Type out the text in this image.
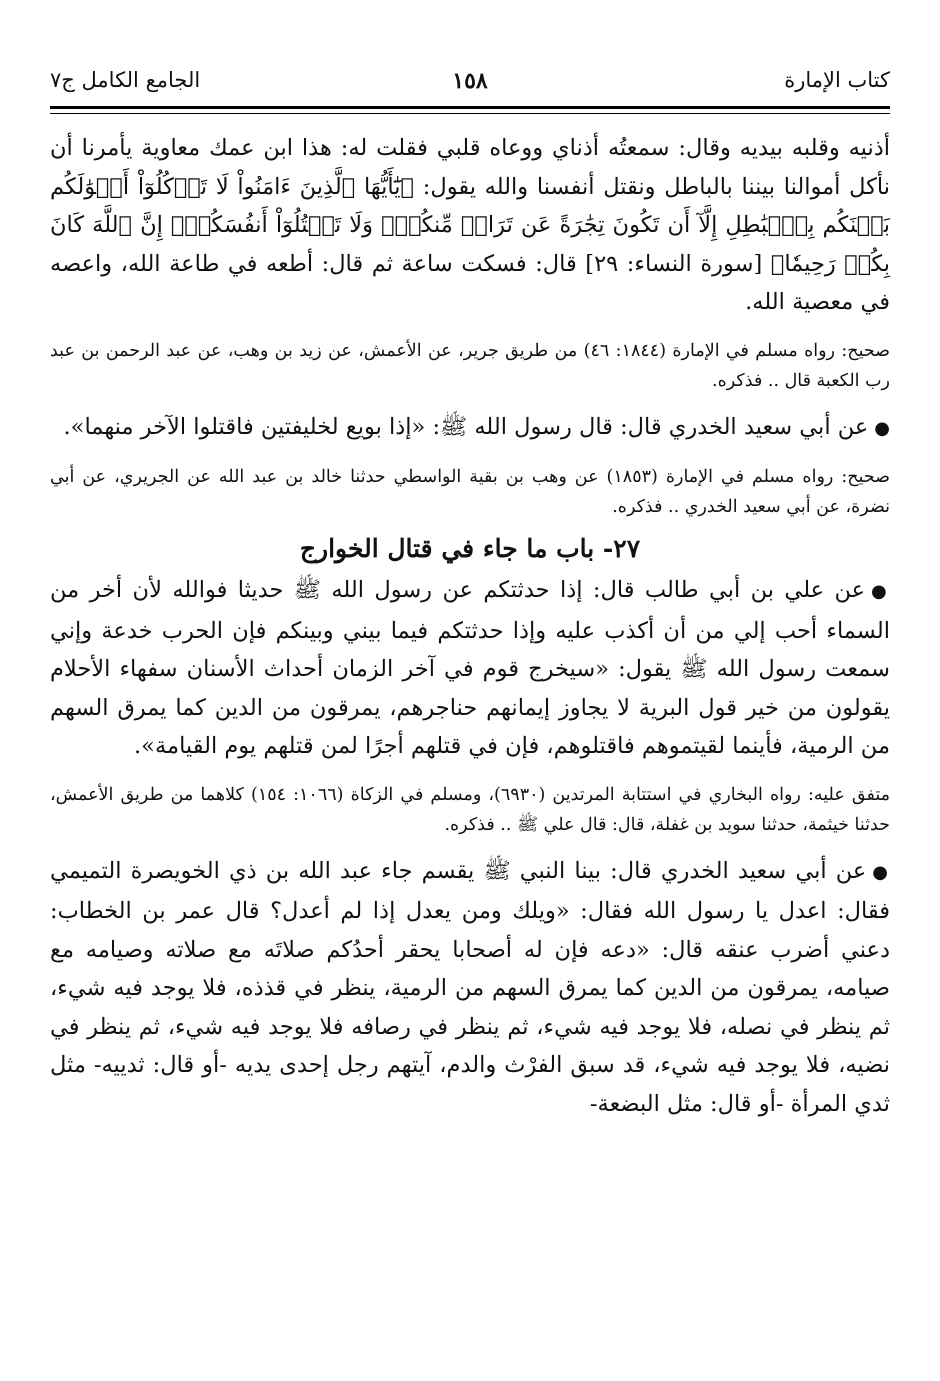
كتاب الإمارة
١٥٨
الجامع الكامل ج٧

أذنيه وقلبه بيديه وقال: سمعتُه أذناي ووعاه قلبي فقلت له: هذا ابن عمك معاوية يأمرنا أن نأكل أموالنا بيننا بالباطل ونقتل أنفسنا والله يقول: ﴿يَٰٓأَيُّهَا ٱلَّذِينَ ءَامَنُواْ لَا تَأۡكُلُوٓاْ أَمۡوَٰلَكُم بَيۡنَكُم بِٱلۡبَٰطِلِ إِلَّآ أَن تَكُونَ تِجَٰرَةً عَن تَرَاضٖ مِّنكُمۡۚ وَلَا تَقۡتُلُوٓاْ أَنفُسَكُمۡۚ إِنَّ ٱللَّهَ كَانَ بِكُمۡ رَحِيمٗا﴾ [سورة النساء: ٢٩] قال: فسكت ساعة ثم قال: أطعه في طاعة الله، واعصه في معصية الله.

صحيح: رواه مسلم في الإمارة (١٨٤٤: ٤٦) من طريق جرير، عن الأعمش، عن زيد بن وهب، عن عبد الرحمن بن عبد رب الكعبة قال .. فذكره.

●عن أبي سعيد الخدري قال: قال رسول الله ﷺ: «إذا بويع لخليفتين فاقتلوا الآخر منهما».

صحيح: رواه مسلم في الإمارة (١٨٥٣) عن وهب بن بقية الواسطي حدثنا خالد بن عبد الله عن الجريري، عن أبي نضرة، عن أبي سعيد الخدري .. فذكره.

٢٧- باب ما جاء في قتال الخوارج

●عن علي بن أبي طالب قال: إذا حدثتكم عن رسول الله ﷺ حديثا فوالله لأن أخر من السماء أحب إلي من أن أكذب عليه وإذا حدثتكم فيما بيني وبينكم فإن الحرب خدعة وإني سمعت رسول الله ﷺ يقول: «سيخرج قوم في آخر الزمان أحداث الأسنان سفهاء الأحلام يقولون من خير قول البرية لا يجاوز إيمانهم حناجرهم، يمرقون من الدين كما يمرق السهم من الرمية، فأينما لقيتموهم فاقتلوهم، فإن في قتلهم أجرًا لمن قتلهم يوم القيامة».

متفق عليه: رواه البخاري في استتابة المرتدين (٦٩٣٠)، ومسلم في الزكاة (١٠٦٦: ١٥٤) كلاهما من طريق الأعمش، حدثنا خيثمة، حدثنا سويد بن غفلة، قال: قال علي ﷺ .. فذكره.

●عن أبي سعيد الخدري قال: بينا النبي ﷺ يقسم جاء عبد الله بن ذي الخويصرة التميمي فقال: اعدل يا رسول الله فقال: «ويلك ومن يعدل إذا لم أعدل؟ قال عمر بن الخطاب: دعني أضرب عنقه قال: «دعه فإن له أصحابا يحقر أحدُكم صلاتَه مع صلاته وصيامه مع صيامه، يمرقون من الدين كما يمرق السهم من الرمية، ينظر في قذذه، فلا يوجد فيه شيء، ثم ينظر في نصله، فلا يوجد فيه شيء، ثم ينظر في رصافه فلا يوجد فيه شيء، ثم ينظر في نضيه، فلا يوجد فيه شيء، قد سبق الفرْث والدم، آيتهم رجل إحدى يديه -أو قال: ثدييه- مثل ثدي المرأة -أو قال: مثل البضعة-
